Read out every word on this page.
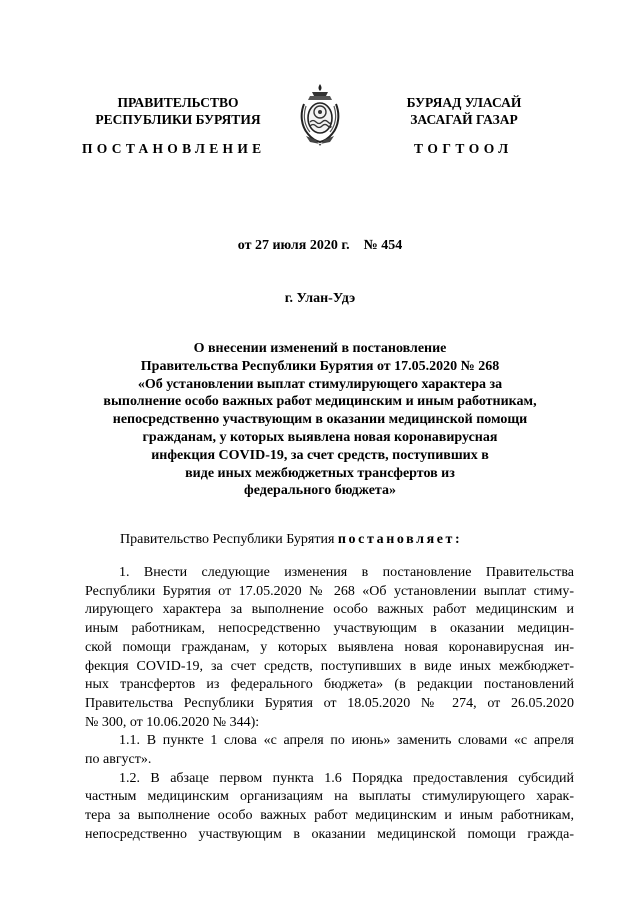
ПРАВИТЕЛЬСТВО
РЕСПУБЛИКИ БУРЯТИЯ
БУРЯАД УЛАСАЙ
ЗАСАГАЙ ГАЗАР
ПОСТАНОВЛЕНИЕ	ТОГТООЛ
от 27 июля 2020 г. № 454
г. Улан-Удэ
О внесении изменений в постановление
Правительства Республики Бурятия от 17.05.2020 № 268
«Об установлении выплат стимулирующего характера за
выполнение особо важных работ медицинским и иным работникам,
непосредственно участвующим в оказании медицинской помощи
гражданам, у которых выявлена новая коронавирусная
инфекция COVID-19, за счет средств, поступивших в
виде иных межбюджетных трансфертов из
федерального бюджета»
Правительство Республики Бурятия постановляет:
1. Внести следующие изменения в постановление Правительства
Республики Бурятия от 17.05.2020 № 268 «Об установлении выплат стиму-
лирующего характера за выполнение особо важных работ медицинским и
иным работникам, непосредственно участвующим в оказании медицин-
ской помощи гражданам, у которых выявлена новая коронавирусная ин-
фекция COVID-19, за счет средств, поступивших в виде иных межбюджет-
ных трансфертов из федерального бюджета» (в редакции постановлений
Правительства Республики Бурятия от 18.05.2020 № 274, от 26.05.2020
№ 300, от 10.06.2020 № 344):
1.1. В пункте 1 слова «с апреля по июнь» заменить словами «с апреля
по август».
1.2. В абзаце первом пункта 1.6 Порядка предоставления субсидий
частным медицинским организациям на выплаты стимулирующего харак-
тера за выполнение особо важных работ медицинским и иным работникам,
непосредственно участвующим в оказании медицинской помощи гражда-
